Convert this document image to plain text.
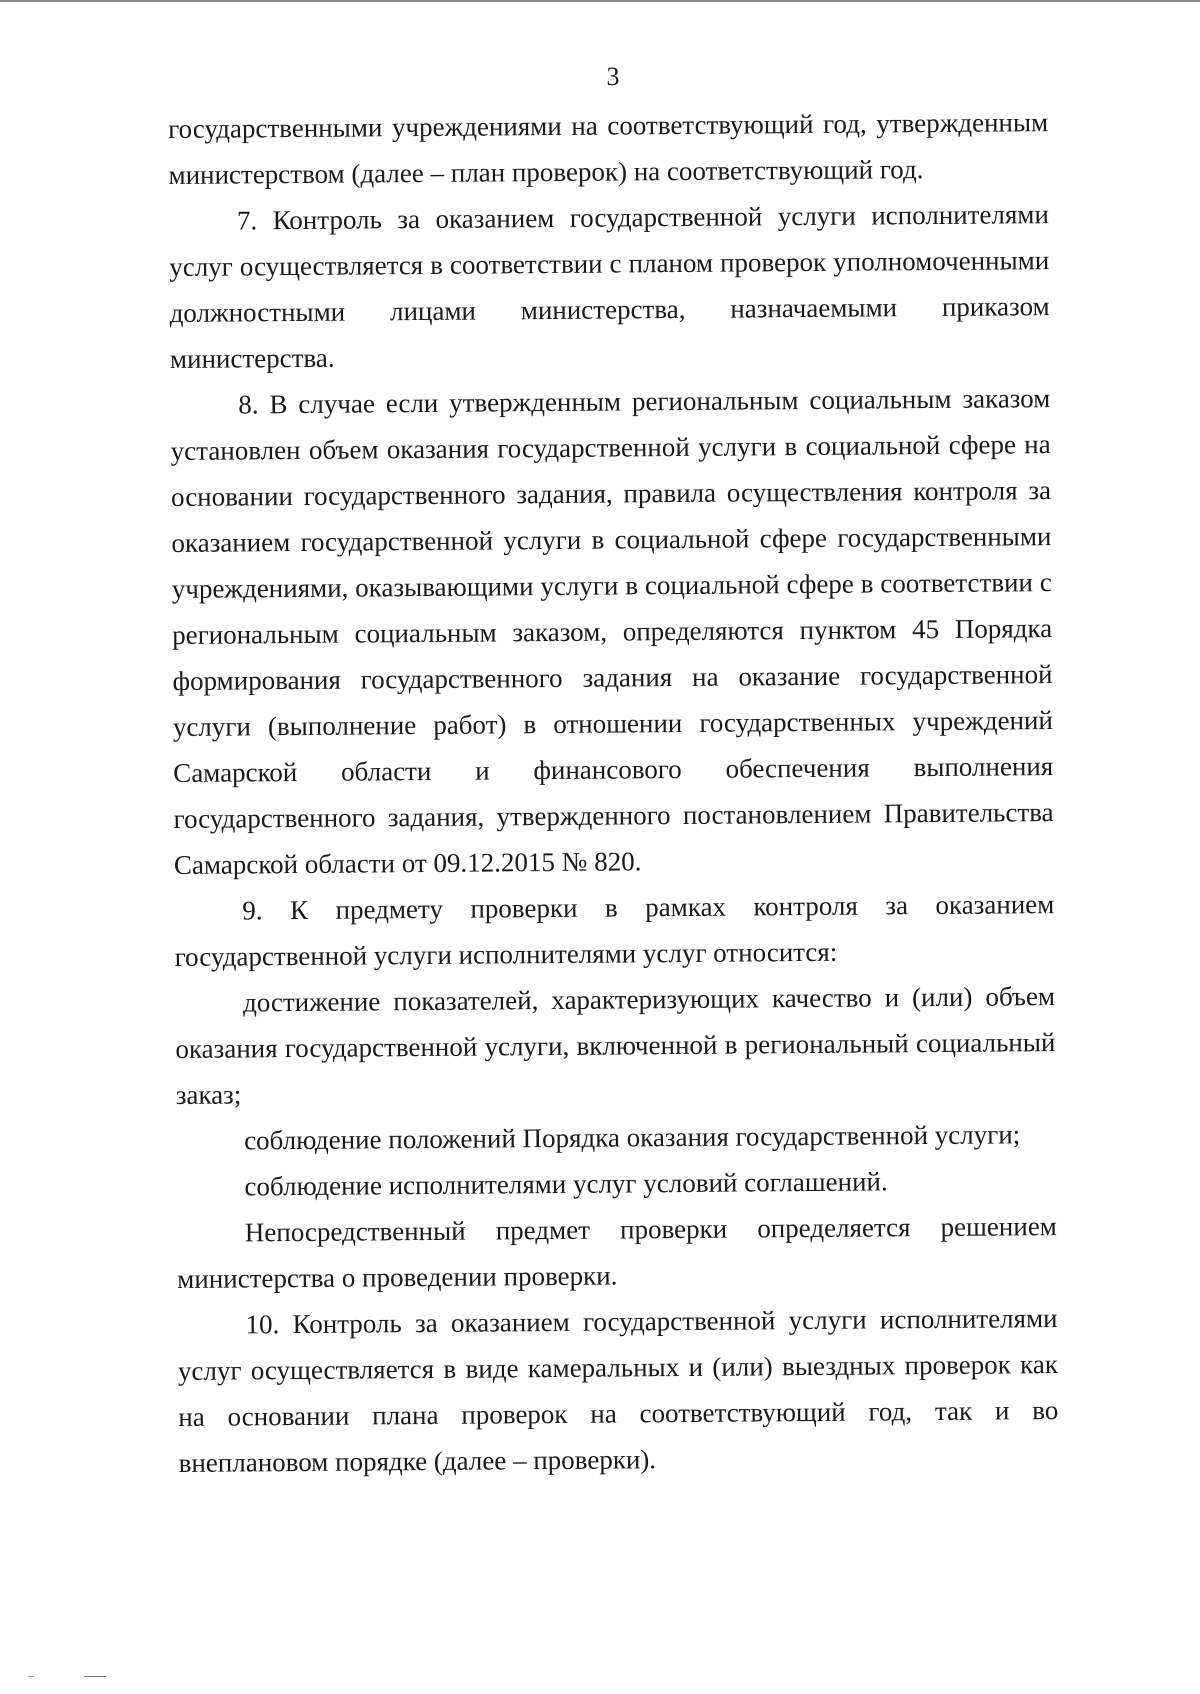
3

государственными учреждениями на соответствующий год, утвержденным министерством (далее – план проверок) на соответствующий год.

7. Контроль за оказанием государственной услуги исполнителями услуг осуществляется в соответствии с планом проверок уполномоченными должностными лицами министерства, назначаемыми приказом министерства.

8. В случае если утвержденным региональным социальным заказом установлен объем оказания государственной услуги в социальной сфере на основании государственного задания, правила осуществления контроля за оказанием государственной услуги в социальной сфере государственными учреждениями, оказывающими услуги в социальной сфере в соответствии с региональным социальным заказом, определяются пунктом 45 Порядка формирования государственного задания на оказание государственной услуги (выполнение работ) в отношении государственных учреждений Самарской области и финансового обеспечения выполнения государственного задания, утвержденного постановлением Правительства Самарской области от 09.12.2015 № 820.

9. К предмету проверки в рамках контроля за оказанием государственной услуги исполнителями услуг относится:

достижение показателей, характеризующих качество и (или) объем оказания государственной услуги, включенной в региональный социальный заказ;

соблюдение положений Порядка оказания государственной услуги;

соблюдение исполнителями услуг условий соглашений.

Непосредственный предмет проверки определяется решением министерства о проведении проверки.

10. Контроль за оказанием государственной услуги исполнителями услуг осуществляется в виде камеральных и (или) выездных проверок как на основании плана проверок на соответствующий год, так и во внеплановом порядке (далее – проверки).
